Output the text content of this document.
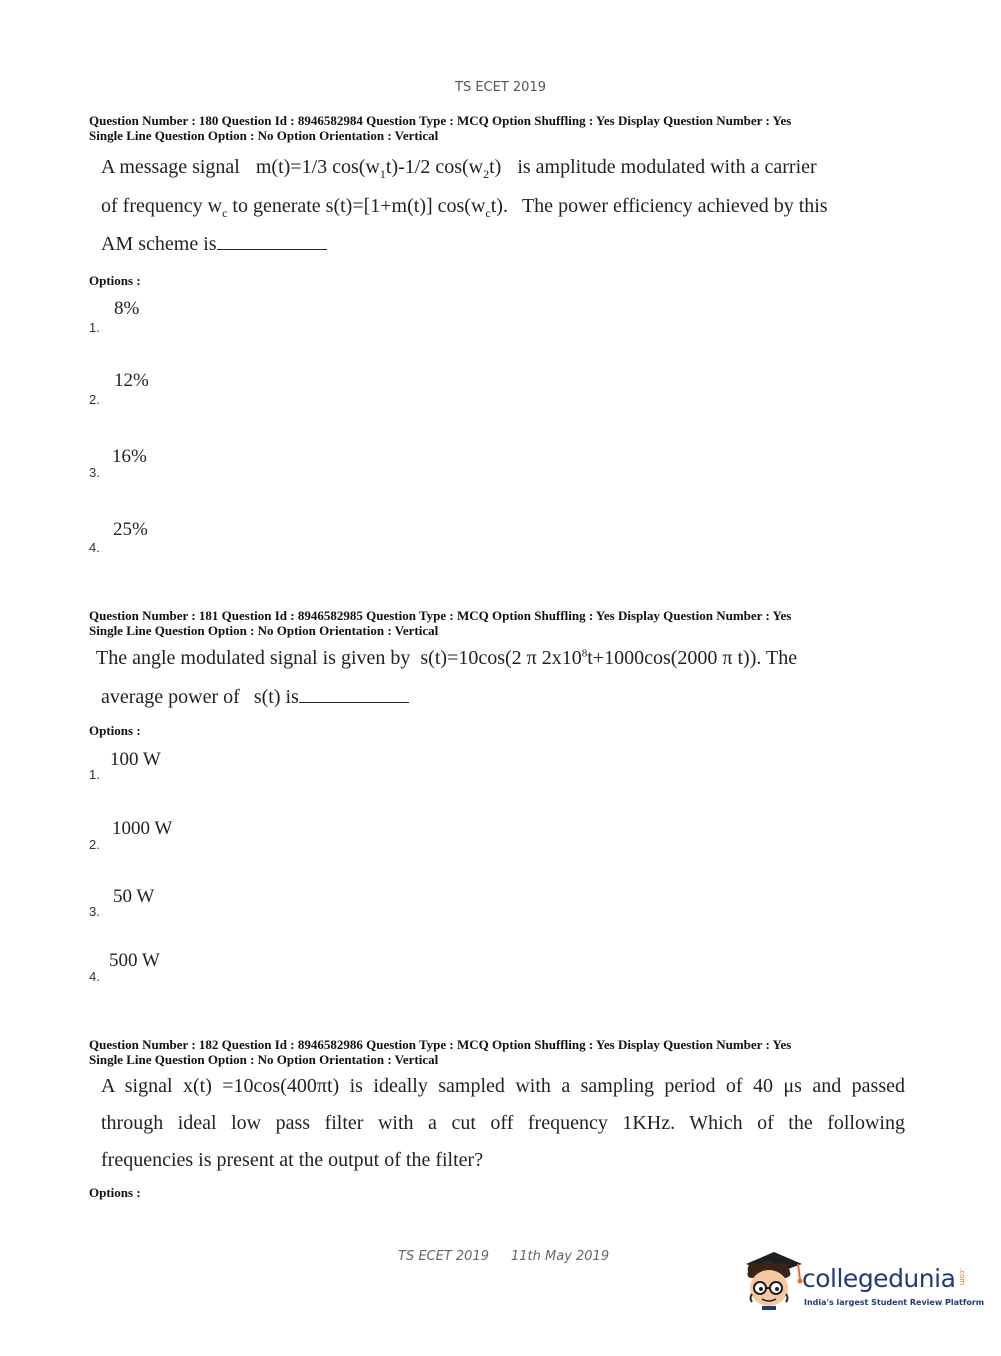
TS ECET 2019
Question Number : 180 Question Id : 8946582984 Question Type : MCQ Option Shuffling : Yes Display Question Number : Yes
Single Line Question Option : No Option Orientation : Vertical
A message signal m(t)=1/3 $\cos(w_1t)-1/2$ $\cos(w_2t)$ is amplitude modulated with a carrier
of frequency $w_c$ to generate s(t)=[1+m(t)] $\cos(w_ct)$. The power efficiency achieved by this
AM scheme is
Options :
1.
8%
2.
12%
3.
16%
4.
25%
Question Number : 181 Question Id : 8946582985 Question Type : MCQ Option Shuffling : Yes Display Question Number : Yes
Single Line Question Option : No Option Orientation : Vertical
The angle modulated signal is given by s(t)=10cos(2 π $2x10^8t+1000\cos(2000$ π t)). The
average power of s(t) is
Options :
1.
100 W
2.
1000 W
3.
50 W
4.
500 W
Question Number : 182 Question Id : 8946582986 Question Type : MCQ Option Shuffling : Yes Display Question Number : Yes
Single Line Question Option : No Option Orientation : Vertical
A signal x(t) =10cos(400πt) is ideally sampled with a sampling period of 40 μs and passed
through ideal low pass filter with a cut off frequency 1KHz. Which of the following
frequencies is present at the output of the filter?
Options :
TS ECET 2019 11th May 2019
collegedunia .com
India's largest Student Review Platform
